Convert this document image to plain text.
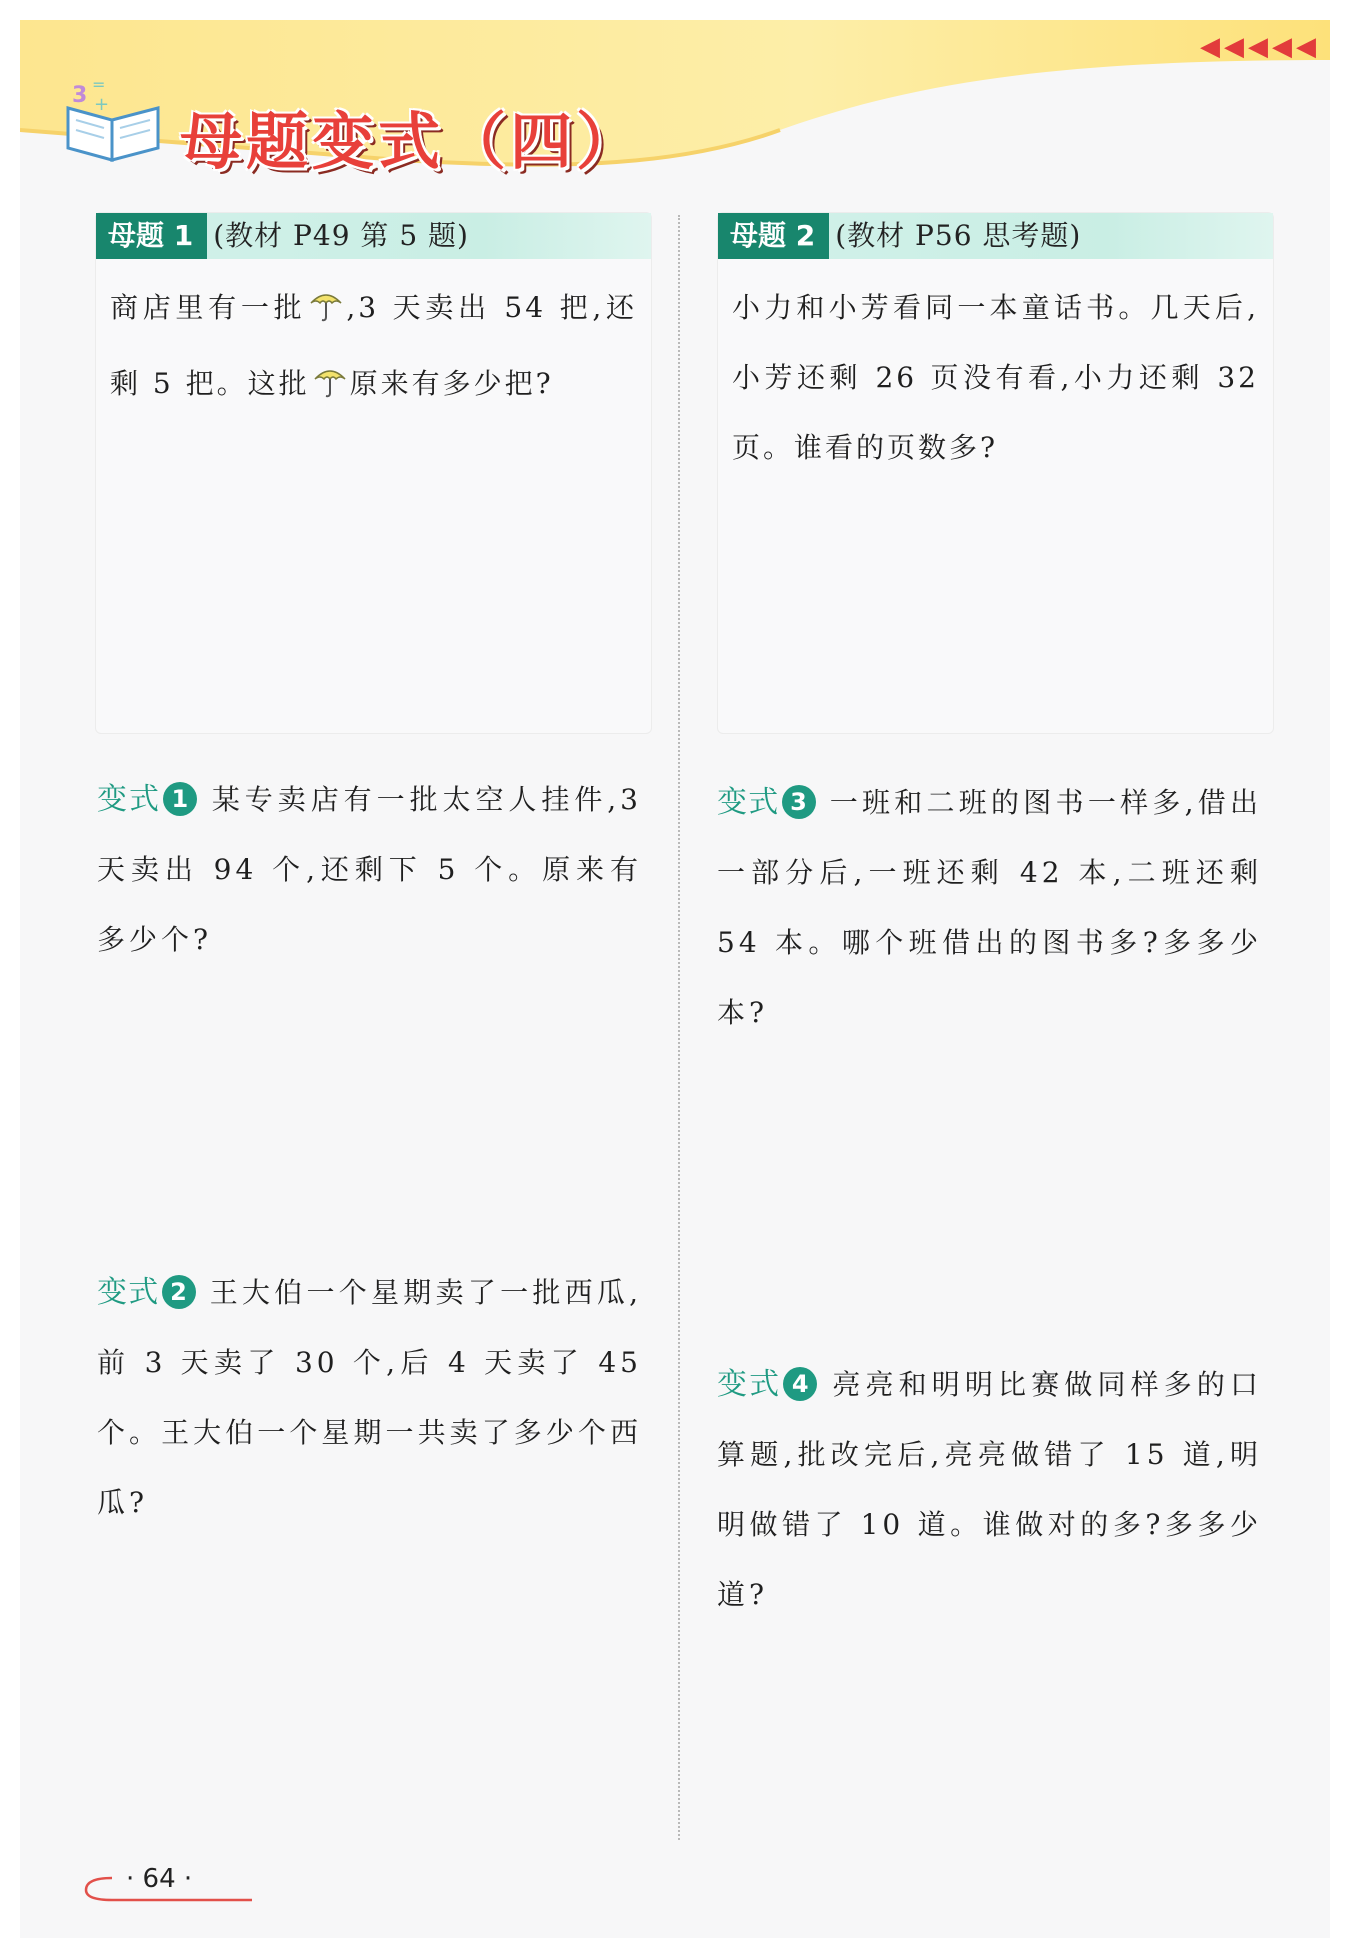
◀◀◀◀◀
3 =
+
母题变式（四）
母题 1 (教材 P49 第 5 题)
商店里有一批 ,3 天卖出 54 把,还剩 5 把。这批 原来有多少把?
母题 2 (教材 P56 思考题)
小力和小芳看同一本童话书。几天后,小芳还剩 26 页没有看,小力还剩 32 页。谁看的页数多?
变式 1 某专卖店有一批太空人挂件,3 天卖出 94 个,还剩下 5 个。原来有多少个?
变式 3 一班和二班的图书一样多,借出一部分后,一班还剩 42 本,二班还剩 54 本。哪个班借出的图书多?多多少本?
变式 2 王大伯一个星期卖了一批西瓜,前 3 天卖了 30 个,后 4 天卖了 45 个。王大伯一个星期一共卖了多少个西瓜?
变式 4 亮亮和明明比赛做同样多的口算题,批改完后,亮亮做错了 15 道,明明做错了 10 道。谁做对的多?多多少道?
· 64 ·
